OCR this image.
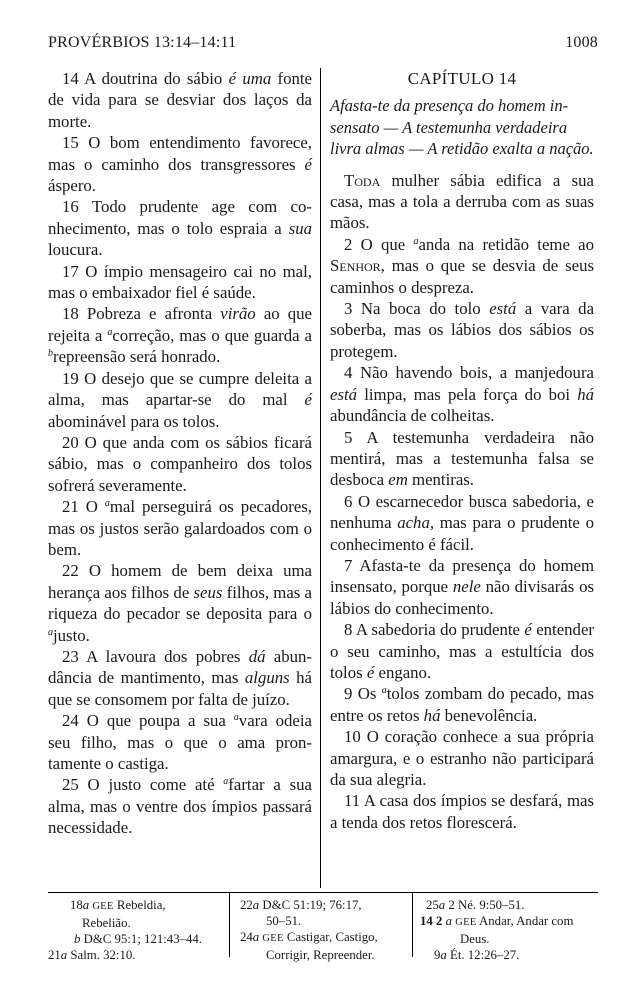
PROVÉRBIOS 13:14–14:11	1008

14 A doutrina do sábio é uma fonte de vida para se desviar dos laços da morte.

15 O bom entendimento favorece, mas o caminho dos transgressores é áspero.

16 Todo prudente age com conhecimento, mas o tolo espraia a sua loucura.

17 O ímpio mensageiro cai no mal, mas o embaixador fiel é saúde.

18 Pobreza e afronta virão ao que rejeita a $^a$correção, mas o que guarda a $^b$repreensão será honrado.

19 O desejo que se cumpre deleita a alma, mas apartar-se do mal é abominável para os tolos.

20 O que anda com os sábios ficará sábio, mas o companheiro dos tolos sofrerá severamente.

21 O $^a$mal perseguirá os pecadores, mas os justos serão galardoados com o bem.

22 O homem de bem deixa uma herança aos filhos de seus filhos, mas a riqueza do pecador se deposita para o $^a$justo.

23 A lavoura dos pobres dá abundância de mantimento, mas alguns há que se consomem por falta de juízo.

24 O que poupa a sua $^a$vara odeia seu filho, mas o que o ama prontamente o castiga.

25 O justo come até $^a$fartar a sua alma, mas o ventre dos ímpios passará necessidade.

CAPÍTULO 14

Afasta-te da presença do homem insensato — A testemunha verdadeira livra almas — A retidão exalta a nação.

Toda mulher sábia edifica a sua casa, mas a tola a derruba com as suas mãos.

2 O que $^a$anda na retidão teme ao Senhor, mas o que se desvia de seus caminhos o despreza.

3 Na boca do tolo está a vara da soberba, mas os lábios dos sábios os protegem.

4 Não havendo bois, a manjedoura está limpa, mas pela força do boi há abundância de colheitas.

5 A testemunha verdadeira não mentirá, mas a testemunha falsa se desboca em mentiras.

6 O escarnecedor busca sabedoria, e nenhuma acha, mas para o prudente o conhecimento é fácil.

7 Afasta-te da presença do homem insensato, porque nele não divisarás os lábios do conhecimento.

8 A sabedoria do prudente é entender o seu caminho, mas a estultícia dos tolos é engano.

9 Os $^a$tolos zombam do pecado, mas entre os retos há benevolência.

10 O coração conhece a sua própria amargura, e o estranho não participará da sua alegria.

11 A casa dos ímpios se desfará, mas a tenda dos retos florescerá.

18a GEE Rebeldia,
Rebelião.
b D&C 95:1; 121:43–44.
21a Salm. 32:10.
22a D&C 51:19; 76:17,
50–51.
24a GEE Castigar, Castigo,
Corrigir, Repreender.
25a 2 Né. 9:50–51.
14 2 a GEE Andar, Andar com
Deus.
9a Ét. 12:26–27.
